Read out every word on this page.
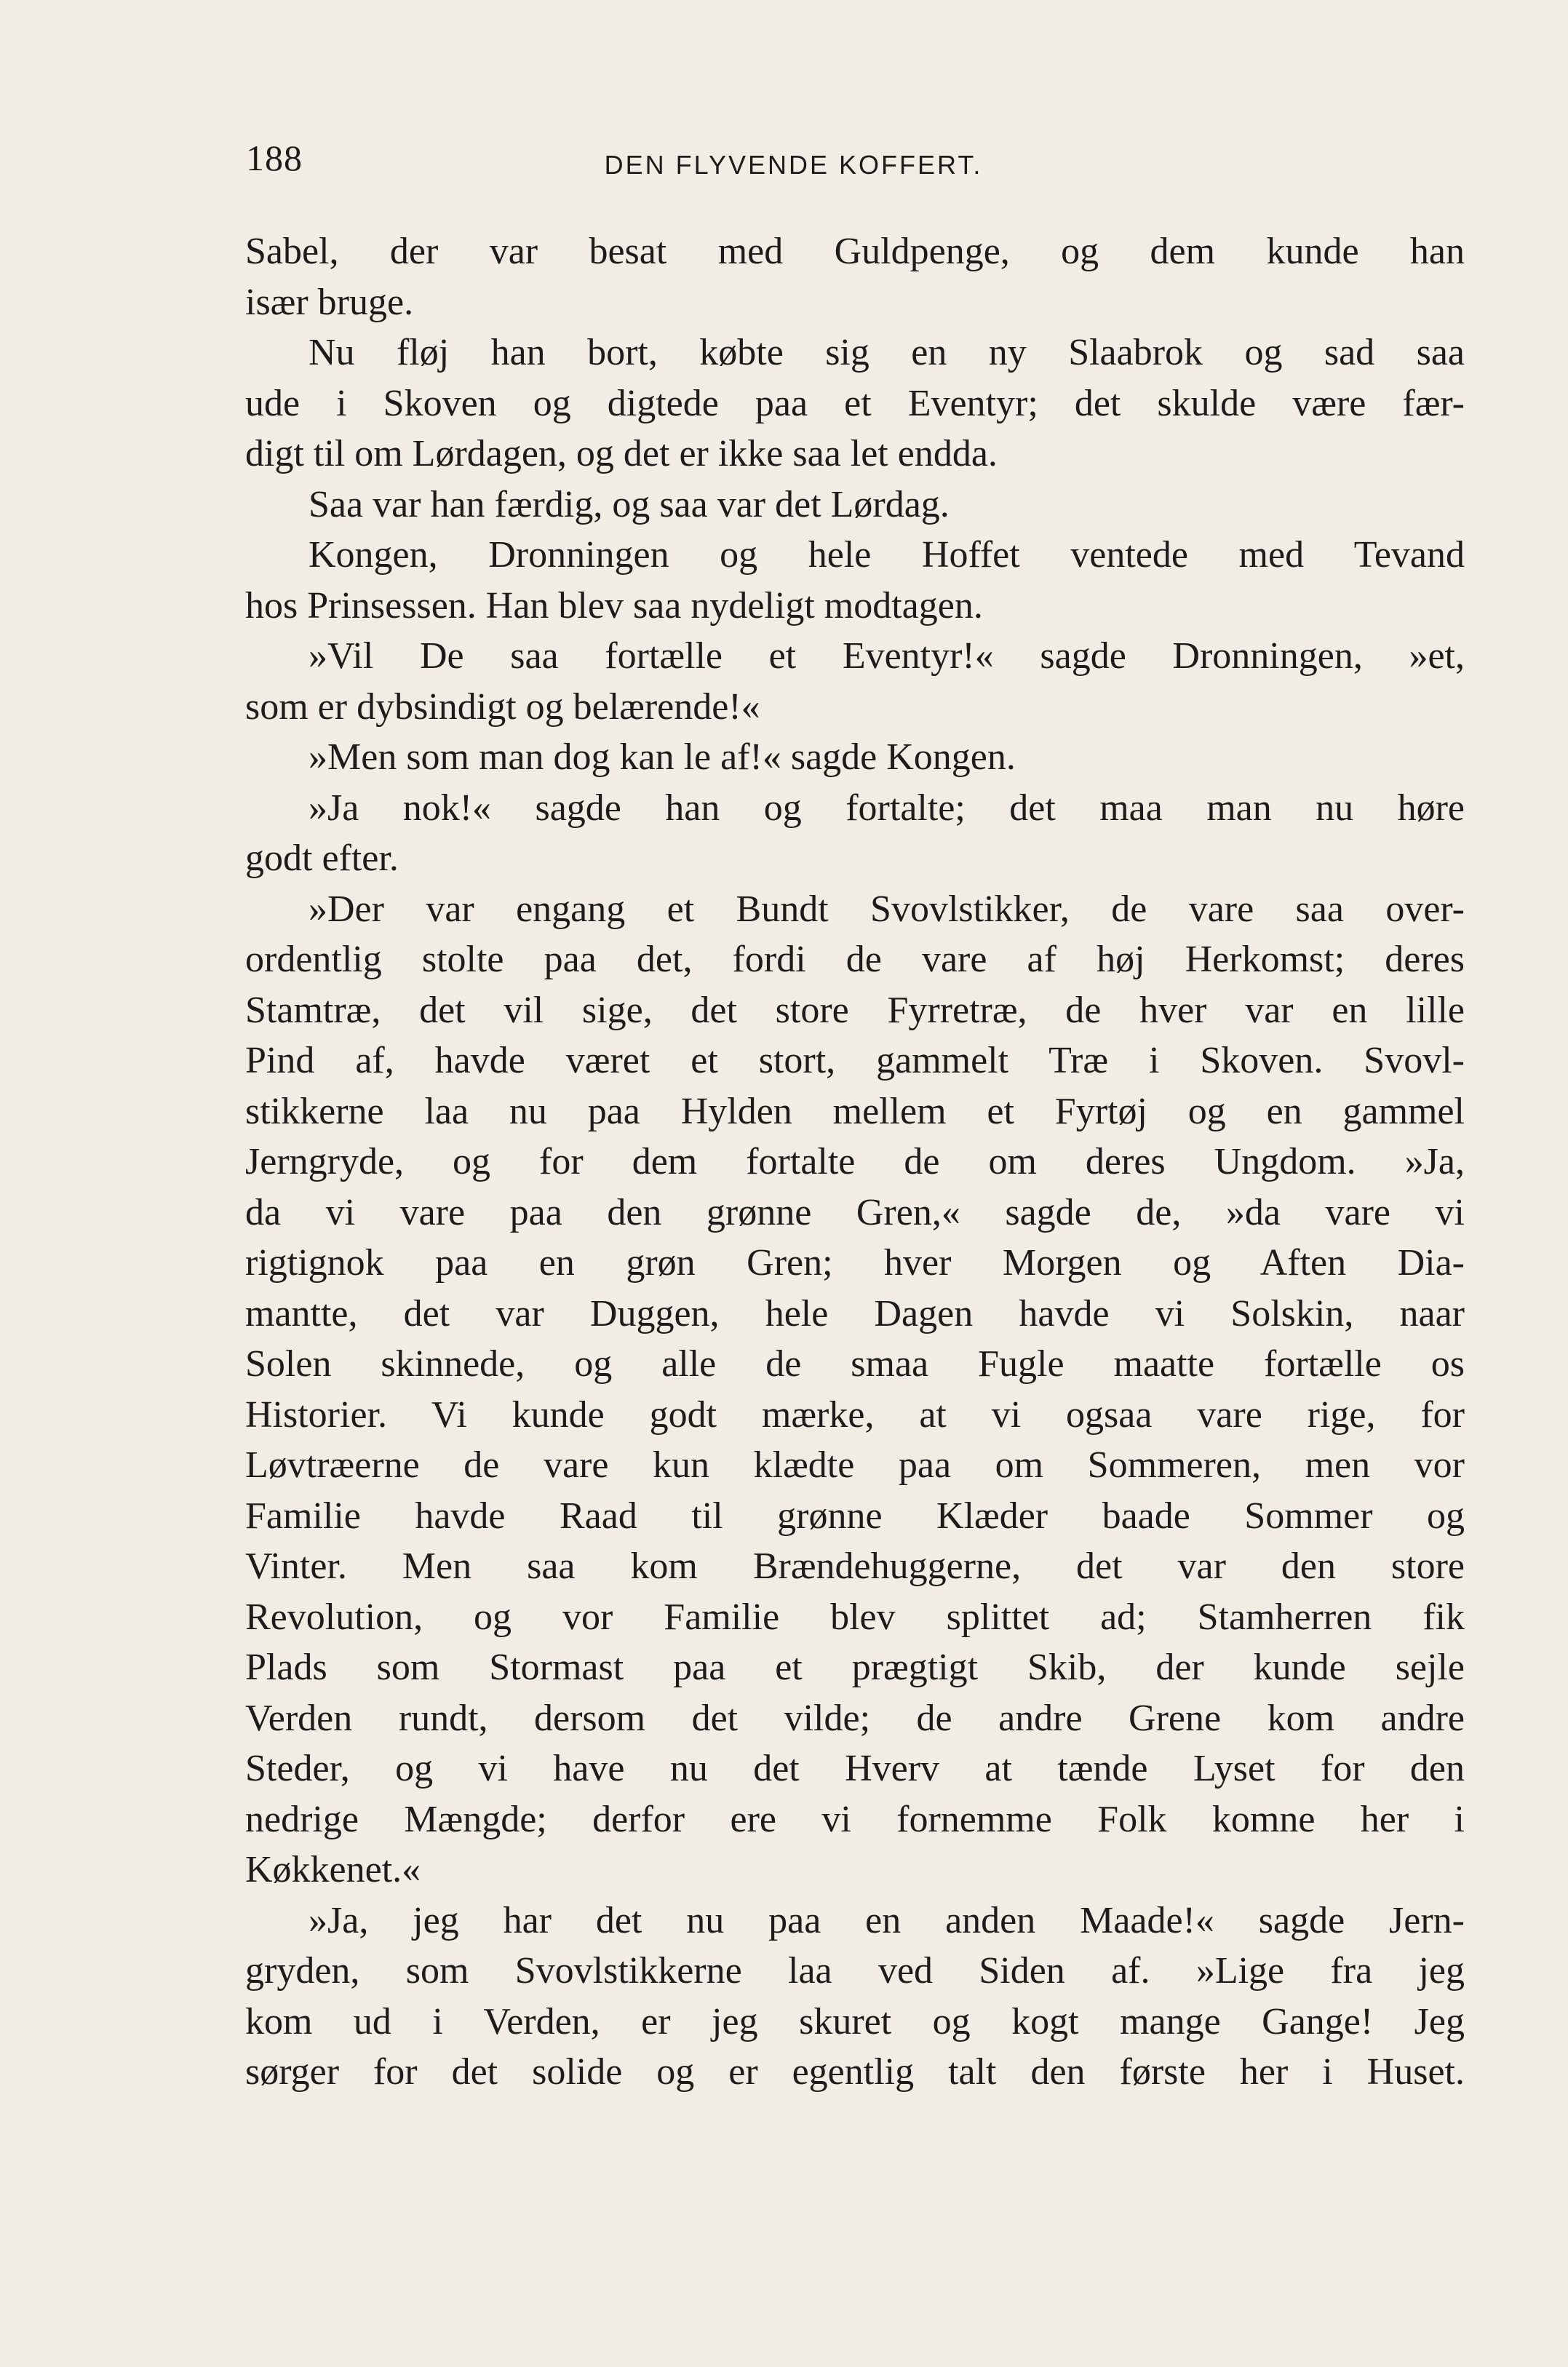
188	DEN FLYVENDE KOFFERT.
Sabel, der var besat med Guldpenge, og dem kunde han
især bruge.
Nu fløj han bort, købte sig en ny Slaabrok og sad saa
ude i Skoven og digtede paa et Eventyr; det skulde være fær-
digt til om Lørdagen, og det er ikke saa let endda.
Saa var han færdig, og saa var det Lørdag.
Kongen, Dronningen og hele Hoffet ventede med Tevand
hos Prinsessen. Han blev saa nydeligt modtagen.
»Vil De saa fortælle et Eventyr!« sagde Dronningen, »et,
som er dybsindigt og belærende!«
»Men som man dog kan le af!« sagde Kongen.
»Ja nok!« sagde han og fortalte; det maa man nu høre
godt efter.
»Der var engang et Bundt Svovlstikker, de vare saa over-
ordentlig stolte paa det, fordi de vare af høj Herkomst; deres
Stamtræ, det vil sige, det store Fyrretræ, de hver var en lille
Pind af, havde været et stort, gammelt Træ i Skoven. Svovl-
stikkerne laa nu paa Hylden mellem et Fyrtøj og en gammel
Jerngryde, og for dem fortalte de om deres Ungdom. »Ja,
da vi vare paa den grønne Gren,« sagde de, »da vare vi
rigtignok paa en grøn Gren; hver Morgen og Aften Dia-
mantte, det var Duggen, hele Dagen havde vi Solskin, naar
Solen skinnede, og alle de smaa Fugle maatte fortælle os
Historier. Vi kunde godt mærke, at vi ogsaa vare rige, for
Løvtræerne de vare kun klædte paa om Sommeren, men vor
Familie havde Raad til grønne Klæder baade Sommer og
Vinter. Men saa kom Brændehuggerne, det var den store
Revolution, og vor Familie blev splittet ad; Stamherren fik
Plads som Stormast paa et prægtigt Skib, der kunde sejle
Verden rundt, dersom det vilde; de andre Grene kom andre
Steder, og vi have nu det Hverv at tænde Lyset for den
nedrige Mængde; derfor ere vi fornemme Folk komne her i
Køkkenet.«
»Ja, jeg har det nu paa en anden Maade!« sagde Jern-
gryden, som Svovlstikkerne laa ved Siden af. »Lige fra jeg
kom ud i Verden, er jeg skuret og kogt mange Gange! Jeg
sørger for det solide og er egentlig talt den første her i Huset.
